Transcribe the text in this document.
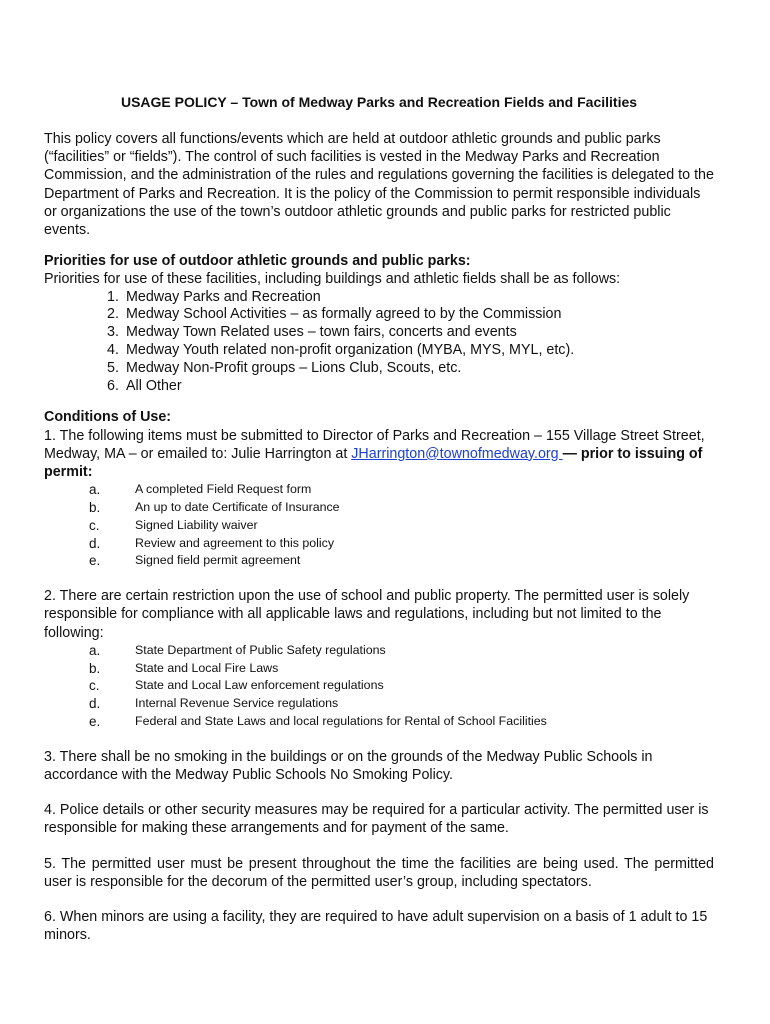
USAGE POLICY – Town of Medway Parks and Recreation Fields and Facilities

This policy covers all functions/events which are held at outdoor athletic grounds and public parks (“facilities” or “fields”). The control of such facilities is vested in the Medway Parks and Recreation Commission, and the administration of the rules and regulations governing the facilities is delegated to the Department of Parks and Recreation. It is the policy of the Commission to permit responsible individuals or organizations the use of the town’s outdoor athletic grounds and public parks for restricted public events.

Priorities for use of outdoor athletic grounds and public parks:

Priorities for use of these facilities, including buildings and athletic fields shall be as follows:

1. Medway Parks and Recreation
2. Medway School Activities – as formally agreed to by the Commission
3. Medway Town Related uses – town fairs, concerts and events
4. Medway Youth related non-profit organization (MYBA, MYS, MYL, etc).
5. Medway Non-Profit groups – Lions Club, Scouts, etc.
6. All Other
Conditions of Use:

1. The following items must be submitted to Director of Parks and Recreation – 155 Village Street Street, Medway, MA – or emailed to: Julie Harrington at JHarrington@townofmedway.org — prior to issuing of permit:

a.	A completed Field Request form
b.	An up to date Certificate of Insurance
c.	Signed Liability waiver
d.	Review and agreement to this policy
e.	Signed field permit agreement

2. There are certain restriction upon the use of school and public property. The permitted user is solely responsible for compliance with all applicable laws and regulations, including but not limited to the following:

a.	State Department of Public Safety regulations
b.	State and Local Fire Laws
c.	State and Local Law enforcement regulations
d.	Internal Revenue Service regulations
e.	Federal and State Laws and local regulations for Rental of School Facilities

3. There shall be no smoking in the buildings or on the grounds of the Medway Public Schools in accordance with the Medway Public Schools No Smoking Policy.

4. Police details or other security measures may be required for a particular activity. The permitted user is responsible for making these arrangements and for payment of the same.

5. The permitted user must be present throughout the time the facilities are being used. The permitted user is responsible for the decorum of the permitted user’s group, including spectators.

6. When minors are using a facility, they are required to have adult supervision on a basis of 1 adult to 15 minors.
